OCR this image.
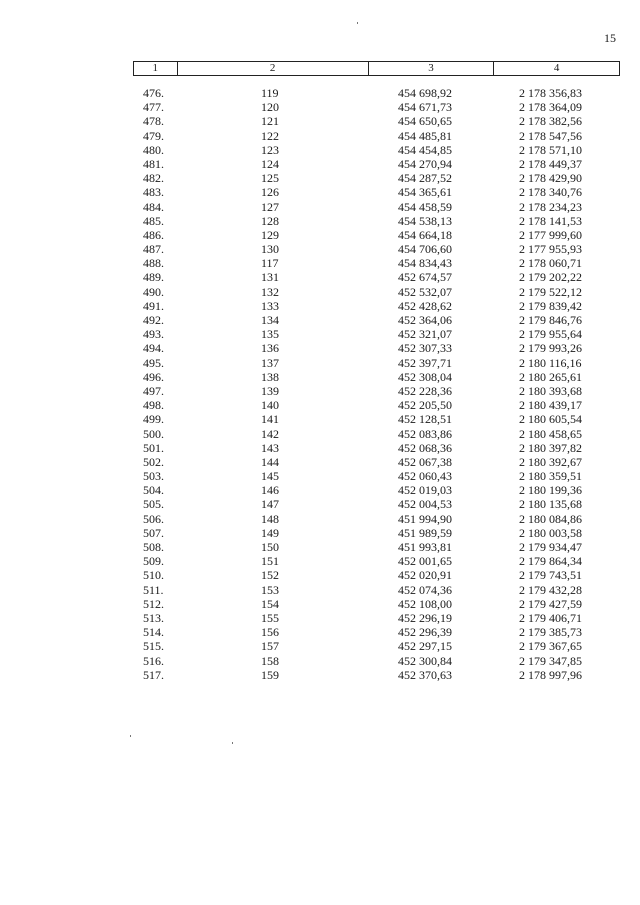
15
1	2	3	4
476.	119	454 698,92	2 178 356,83
477.	120	454 671,73	2 178 364,09
478.	121	454 650,65	2 178 382,56
479.	122	454 485,81	2 178 547,56
480.	123	454 454,85	2 178 571,10
481.	124	454 270,94	2 178 449,37
482.	125	454 287,52	2 178 429,90
483.	126	454 365,61	2 178 340,76
484.	127	454 458,59	2 178 234,23
485.	128	454 538,13	2 178 141,53
486.	129	454 664,18	2 177 999,60
487.	130	454 706,60	2 177 955,93
488.	117	454 834,43	2 178 060,71
489.	131	452 674,57	2 179 202,22
490.	132	452 532,07	2 179 522,12
491.	133	452 428,62	2 179 839,42
492.	134	452 364,06	2 179 846,76
493.	135	452 321,07	2 179 955,64
494.	136	452 307,33	2 179 993,26
495.	137	452 397,71	2 180 116,16
496.	138	452 308,04	2 180 265,61
497.	139	452 228,36	2 180 393,68
498.	140	452 205,50	2 180 439,17
499.	141	452 128,51	2 180 605,54
500.	142	452 083,86	2 180 458,65
501.	143	452 068,36	2 180 397,82
502.	144	452 067,38	2 180 392,67
503.	145	452 060,43	2 180 359,51
504.	146	452 019,03	2 180 199,36
505.	147	452 004,53	2 180 135,68
506.	148	451 994,90	2 180 084,86
507.	149	451 989,59	2 180 003,58
508.	150	451 993,81	2 179 934,47
509.	151	452 001,65	2 179 864,34
510.	152	452 020,91	2 179 743,51
511.	153	452 074,36	2 179 432,28
512.	154	452 108,00	2 179 427,59
513.	155	452 296,19	2 179 406,71
514.	156	452 296,39	2 179 385,73
515.	157	452 297,15	2 179 367,65
516.	158	452 300,84	2 179 347,85
517.	159	452 370,63	2 178 997,96
